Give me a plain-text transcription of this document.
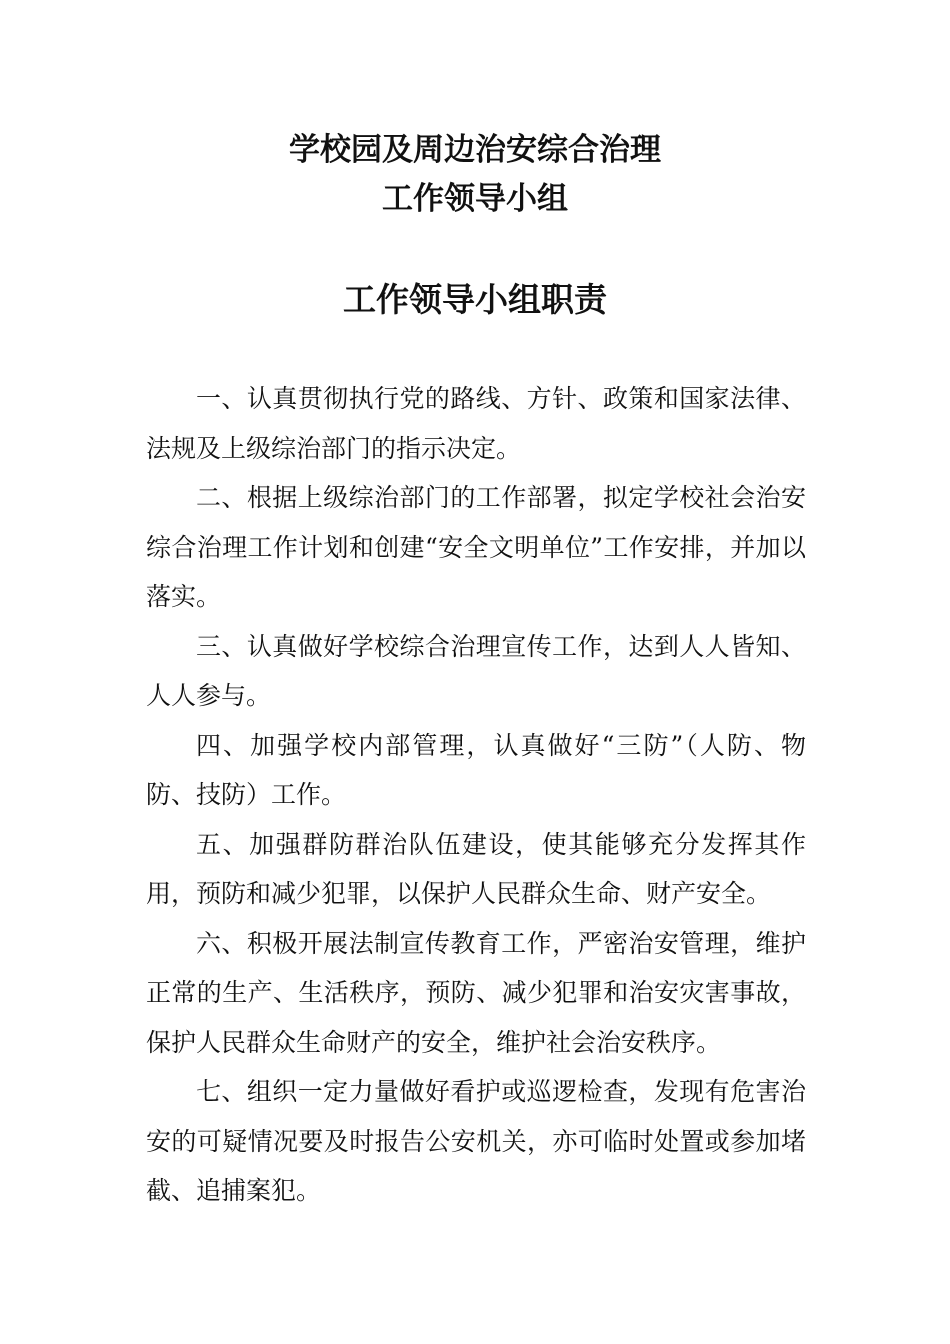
学校园及周边治安综合治理
工作领导小组
工作领导小组职责

一、认真贯彻执行党的路线、方针、政策和国家法律、法规及上级综治部门的指示决定。

二、根据上级综治部门的工作部署，拟定学校社会治安综合治理工作计划和创建“安全文明单位”工作安排，并加以落实。

三、认真做好学校综合治理宣传工作，达到人人皆知、人人参与。

四、加强学校内部管理，认真做好“三防”（人防、物防、技防）工作。

五、加强群防群治队伍建设，使其能够充分发挥其作用，预防和减少犯罪，以保护人民群众生命、财产安全。

六、积极开展法制宣传教育工作，严密治安管理，维护正常的生产、生活秩序，预防、减少犯罪和治安灾害事故，保护人民群众生命财产的安全，维护社会治安秩序。

七、组织一定力量做好看护或巡逻检查，发现有危害治安的可疑情况要及时报告公安机关，亦可临时处置或参加堵截、追捕案犯。
